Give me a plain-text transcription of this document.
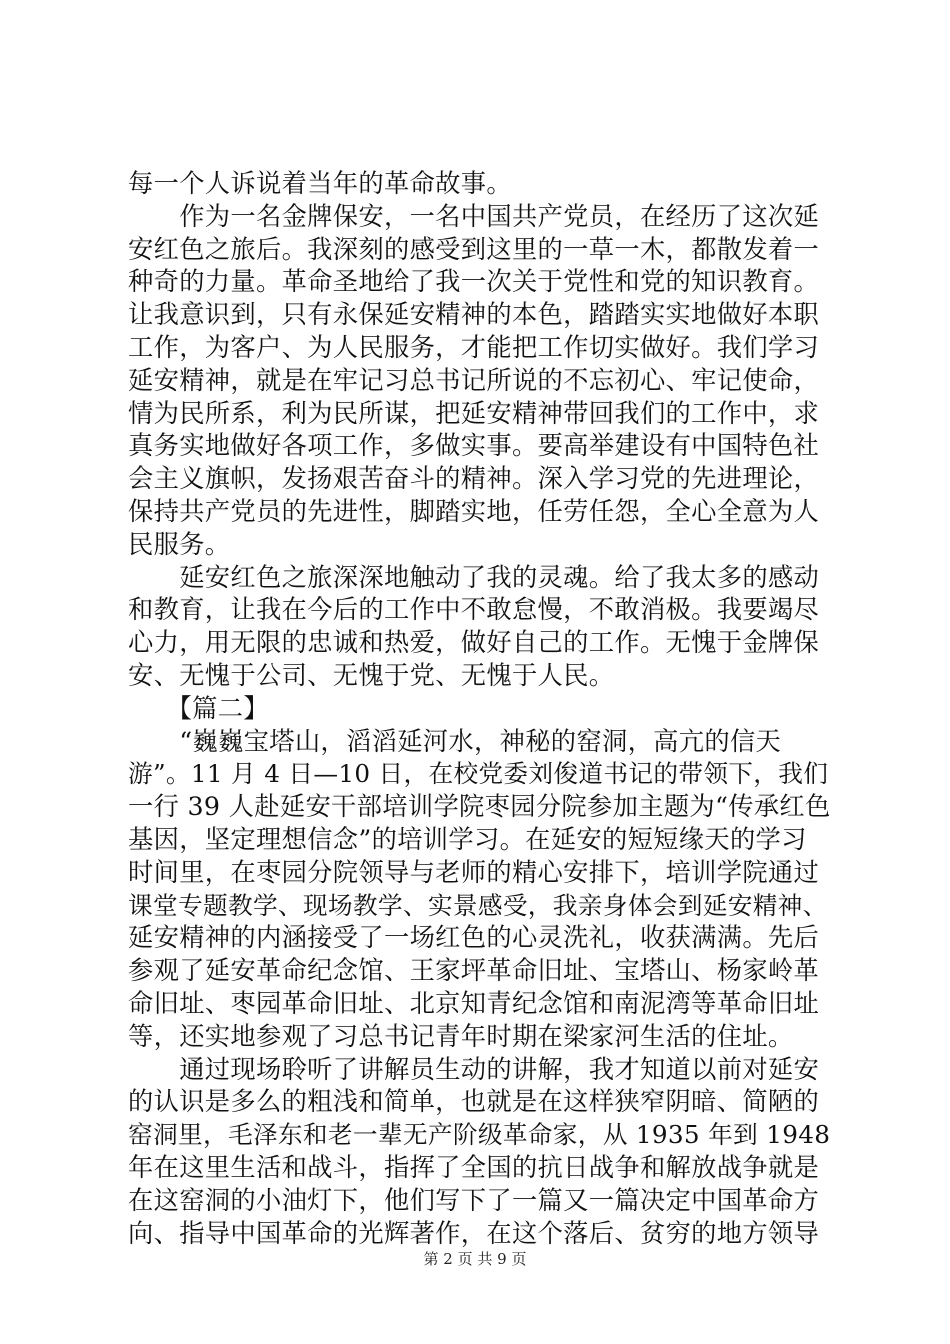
每一个人诉说着当年的革命故事。
　　作为一名金牌保安，一名中国共产党员，在经历了这次延
安红色之旅后。我深刻的感受到这里的一草一木，都散发着一
种奇的力量。革命圣地给了我一次关于党性和党的知识教育。
让我意识到，只有永保延安精神的本色，踏踏实实地做好本职
工作，为客户、为人民服务，才能把工作切实做好。我们学习
延安精神，就是在牢记习总书记所说的不忘初心、牢记使命，
情为民所系，利为民所谋，把延安精神带回我们的工作中，求
真务实地做好各项工作，多做实事。要高举建设有中国特色社
会主义旗帜，发扬艰苦奋斗的精神。深入学习党的先进理论，
保持共产党员的先进性，脚踏实地，任劳任怨，全心全意为人
民服务。
　　延安红色之旅深深地触动了我的灵魂。给了我太多的感动
和教育，让我在今后的工作中不敢怠慢，不敢消极。我要竭尽
心力，用无限的忠诚和热爱，做好自己的工作。无愧于金牌保
安、无愧于公司、无愧于党、无愧于人民。
　　【篇二】
　　“巍巍宝塔山，滔滔延河水，神秘的窑洞，高亢的信天
游”。11 月 4 日—10 日，在校党委刘俊道书记的带领下，我们
一行 39 人赴延安干部培训学院枣园分院参加主题为“传承红色
基因，坚定理想信念”的培训学习。在延安的短短缘天的学习
时间里，在枣园分院领导与老师的精心安排下，培训学院通过
课堂专题教学、现场教学、实景感受，我亲身体会到延安精神、
延安精神的内涵接受了一场红色的心灵洗礼，收获满满。先后
参观了延安革命纪念馆、王家坪革命旧址、宝塔山、杨家岭革
命旧址、枣园革命旧址、北京知青纪念馆和南泥湾等革命旧址
等，还实地参观了习总书记青年时期在梁家河生活的住址。
　　通过现场聆听了讲解员生动的讲解，我才知道以前对延安
的认识是多么的粗浅和简单，也就是在这样狭窄阴暗、简陋的
窑洞里，毛泽东和老一辈无产阶级革命家，从 1935 年到 1948
年在这里生活和战斗，指挥了全国的抗日战争和解放战争就是
在这窑洞的小油灯下，他们写下了一篇又一篇决定中国革命方
向、指导中国革命的光辉著作，在这个落后、贫穷的地方领导
第 2 页 共 9 页
